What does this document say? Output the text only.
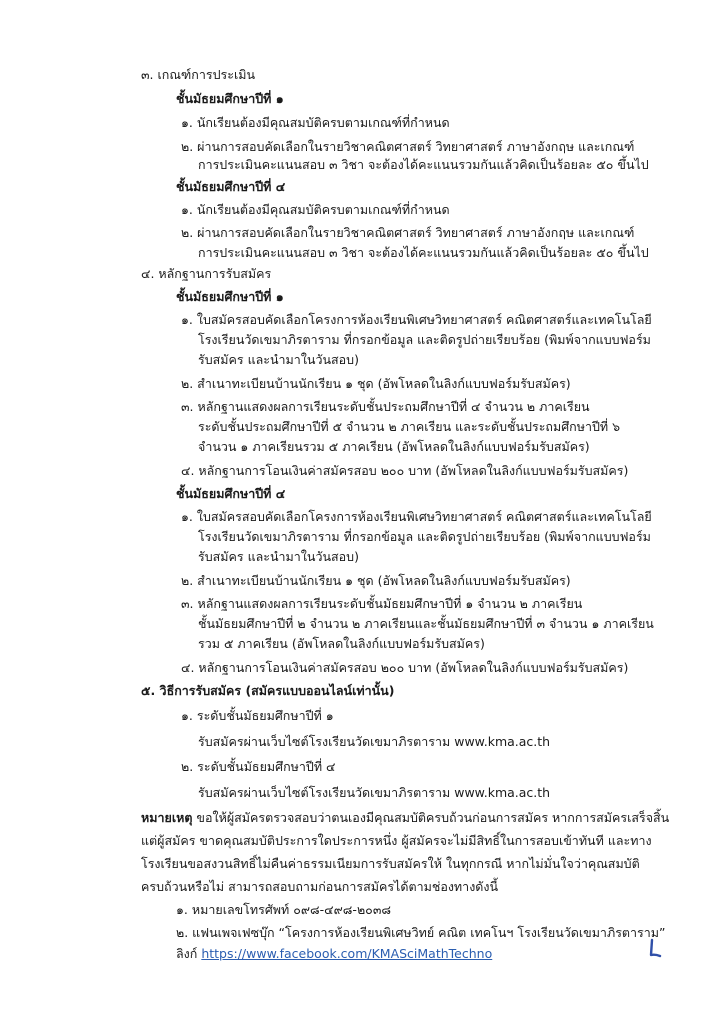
๓. เกณฑ์การประเมิน
ชั้นมัธยมศึกษาปีที่ ๑
๑. นักเรียนต้องมีคุณสมบัติครบตามเกณฑ์ที่กำหนด
๒. ผ่านการสอบคัดเลือกในรายวิชาคณิตศาสตร์ วิทยาศาสตร์ ภาษาอังกฤษ และเกณฑ์
การประเมินคะแนนสอบ ๓ วิชา จะต้องได้คะแนนรวมกันแล้วคิดเป็นร้อยละ ๕๐ ขึ้นไป
ชั้นมัธยมศึกษาปีที่ ๔
๑. นักเรียนต้องมีคุณสมบัติครบตามเกณฑ์ที่กำหนด
๒. ผ่านการสอบคัดเลือกในรายวิชาคณิตศาสตร์ วิทยาศาสตร์ ภาษาอังกฤษ และเกณฑ์
การประเมินคะแนนสอบ ๓ วิชา จะต้องได้คะแนนรวมกันแล้วคิดเป็นร้อยละ ๕๐ ขึ้นไป
๔. หลักฐานการรับสมัคร
ชั้นมัธยมศึกษาปีที่ ๑
๑. ใบสมัครสอบคัดเลือกโครงการห้องเรียนพิเศษวิทยาศาสตร์ คณิตศาสตร์และเทคโนโลยี
โรงเรียนวัดเขมาภิรตาราม ที่กรอกข้อมูล และติดรูปถ่ายเรียบร้อย (พิมพ์จากแบบฟอร์ม
รับสมัคร และนำมาในวันสอบ)
๒. สำเนาทะเบียนบ้านนักเรียน ๑ ชุด (อัพโหลดในลิงก์แบบฟอร์มรับสมัคร)
๓. หลักฐานแสดงผลการเรียนระดับชั้นประถมศึกษาปีที่ ๔ จำนวน ๒ ภาคเรียน
ระดับชั้นประถมศึกษาปีที่ ๕ จำนวน ๒ ภาคเรียน และระดับชั้นประถมศึกษาปีที่ ๖
จำนวน ๑ ภาคเรียนรวม ๕ ภาคเรียน (อัพโหลดในลิงก์แบบฟอร์มรับสมัคร)
๔. หลักฐานการโอนเงินค่าสมัครสอบ ๒๐๐ บาท (อัพโหลดในลิงก์แบบฟอร์มรับสมัคร)
ชั้นมัธยมศึกษาปีที่ ๔
๑. ใบสมัครสอบคัดเลือกโครงการห้องเรียนพิเศษวิทยาศาสตร์ คณิตศาสตร์และเทคโนโลยี
โรงเรียนวัดเขมาภิรตาราม ที่กรอกข้อมูล และติดรูปถ่ายเรียบร้อย (พิมพ์จากแบบฟอร์ม
รับสมัคร และนำมาในวันสอบ)
๒. สำเนาทะเบียนบ้านนักเรียน ๑ ชุด (อัพโหลดในลิงก์แบบฟอร์มรับสมัคร)
๓. หลักฐานแสดงผลการเรียนระดับชั้นมัธยมศึกษาปีที่ ๑ จำนวน ๒ ภาคเรียน
ชั้นมัธยมศึกษาปีที่ ๒ จำนวน ๒ ภาคเรียนและชั้นมัธยมศึกษาปีที่ ๓ จำนวน ๑ ภาคเรียน
รวม ๕ ภาคเรียน (อัพโหลดในลิงก์แบบฟอร์มรับสมัคร)
๔. หลักฐานการโอนเงินค่าสมัครสอบ ๒๐๐ บาท (อัพโหลดในลิงก์แบบฟอร์มรับสมัคร)
๕. วิธีการรับสมัคร (สมัครแบบออนไลน์เท่านั้น)
๑. ระดับชั้นมัธยมศึกษาปีที่ ๑
รับสมัครผ่านเว็บไซต์โรงเรียนวัดเขมาภิรตาราม www.kma.ac.th
๒. ระดับชั้นมัธยมศึกษาปีที่ ๔
รับสมัครผ่านเว็บไซต์โรงเรียนวัดเขมาภิรตาราม www.kma.ac.th
หมายเหตุ ขอให้ผู้สมัครตรวจสอบว่าตนเองมีคุณสมบัติครบถ้วนก่อนการสมัคร หากการสมัครเสร็จสิ้น
แต่ผู้สมัคร ขาดคุณสมบัติประการใดประการหนึ่ง ผู้สมัครจะไม่มีสิทธิ์ในการสอบเข้าทันที และทาง
โรงเรียนขอสงวนสิทธิ์ไม่คืนค่าธรรมเนียมการรับสมัครให้ ในทุกกรณี หากไม่มั่นใจว่าคุณสมบัติ
ครบถ้วนหรือไม่ สามารถสอบถามก่อนการสมัครได้ตามช่องทางดังนี้
๑. หมายเลขโทรศัพท์ ๐๙๘-๔๙๘-๒๐๓๘
๒. แฟนเพจเฟซบุ๊ก “โครงการห้องเรียนพิเศษวิทย์ คณิต เทคโนฯ โรงเรียนวัดเขมาภิรตาราม”
ลิงก์ https://www.facebook.com/KMASciMathTechno
